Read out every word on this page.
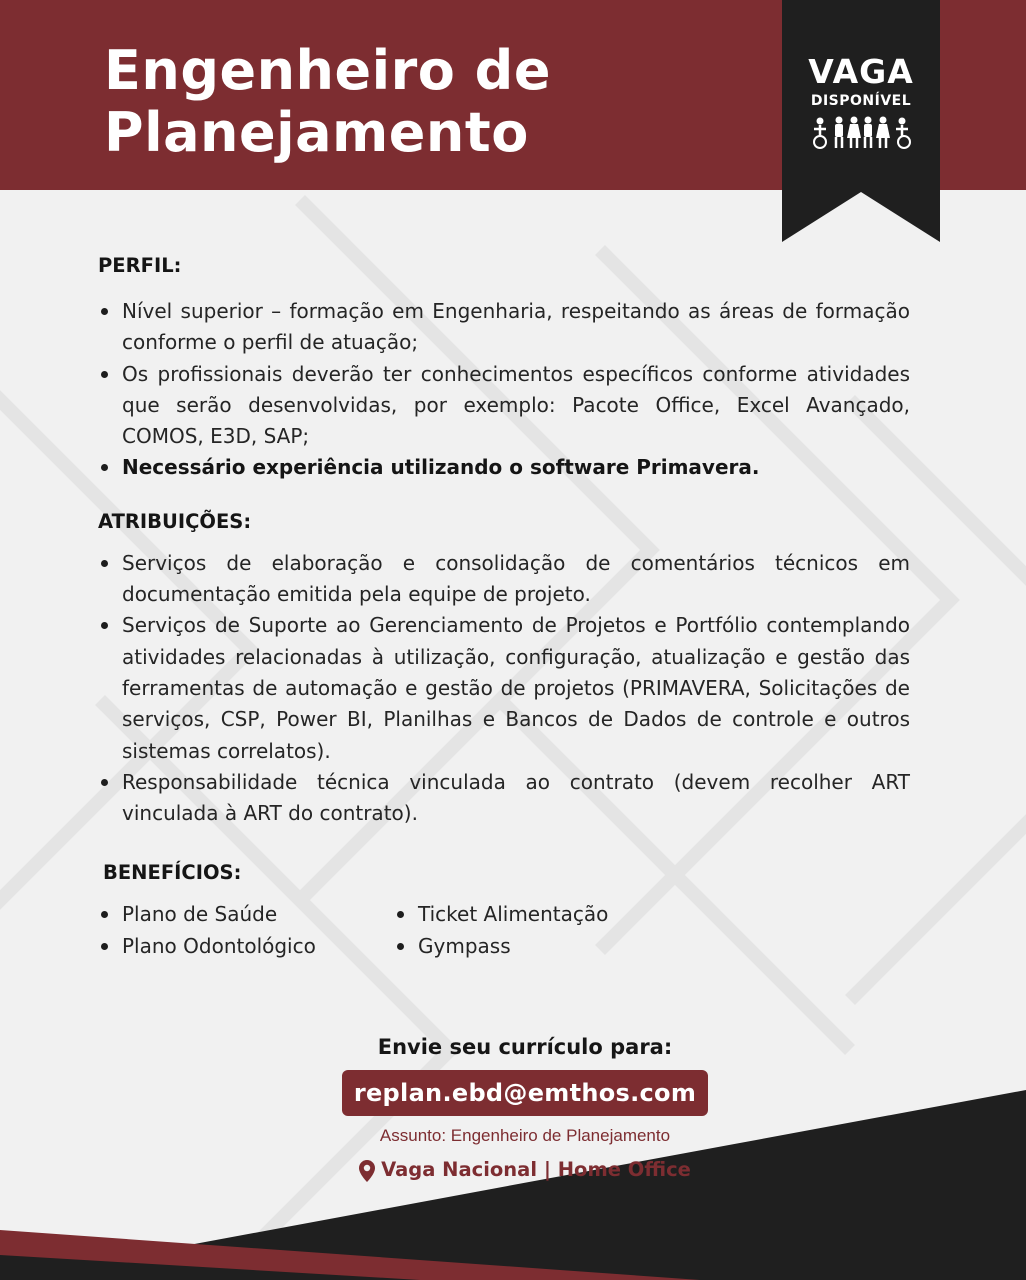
Engenheiro de
Planejamento
VAGA
DISPONÍVEL
PERFIL:
Nível superior – formação em Engenharia, respeitando as áreas de formação conforme o perfil de atuação;
Os profissionais deverão ter conhecimentos específicos conforme atividades que serão desenvolvidas, por exemplo: Pacote Office, Excel Avançado, COMOS, E3D, SAP;
Necessário experiência utilizando o software Primavera.
ATRIBUIÇÕES:
Serviços de elaboração e consolidação de comentários técnicos em documentação emitida pela equipe de projeto.
Serviços de Suporte ao Gerenciamento de Projetos e Portfólio contemplando atividades relacionadas à utilização, configuração, atualização e gestão das ferramentas de automação e gestão de projetos (PRIMAVERA, Solicitações de serviços, CSP, Power BI, Planilhas e Bancos de Dados de controle e outros sistemas correlatos).
Responsabilidade técnica vinculada ao contrato (devem recolher ART vinculada à ART do contrato).
BENEFÍCIOS:
Plano de Saúde
Plano Odontológico
Ticket Alimentação
Gympass
Envie seu currículo para:
replan.ebd@emthos.com
Assunto: Engenheiro de Planejamento
Vaga Nacional | Home Office
